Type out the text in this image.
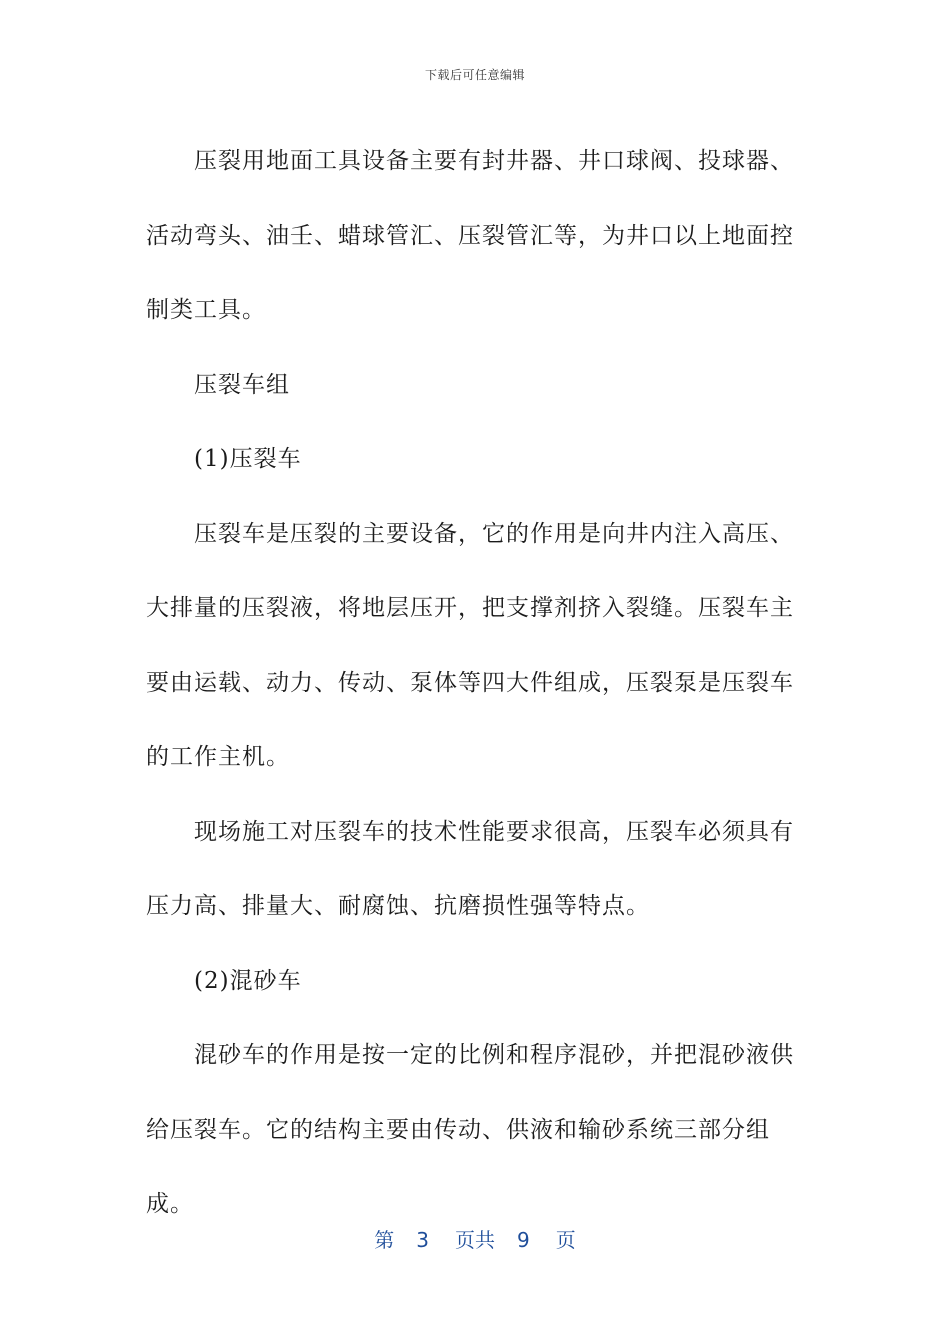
下载后可任意编辑

压裂用地面工具设备主要有封井器、井口球阀、投球器、活动弯头、油壬、蜡球管汇、压裂管汇等，为井口以上地面控制类工具。

压裂车组

(1)压裂车

压裂车是压裂的主要设备，它的作用是向井内注入高压、大排量的压裂液，将地层压开，把支撑剂挤入裂缝。压裂车主要由运载、动力、传动、泵体等四大件组成，压裂泵是压裂车的工作主机。

现场施工对压裂车的技术性能要求很高，压裂车必须具有压力高、排量大、耐腐蚀、抗磨损性强等特点。

(2)混砂车

混砂车的作用是按一定的比例和程序混砂，并把混砂液供给压裂车。它的结构主要由传动、供液和输砂系统三部分组成。

第 3 页共 9 页
